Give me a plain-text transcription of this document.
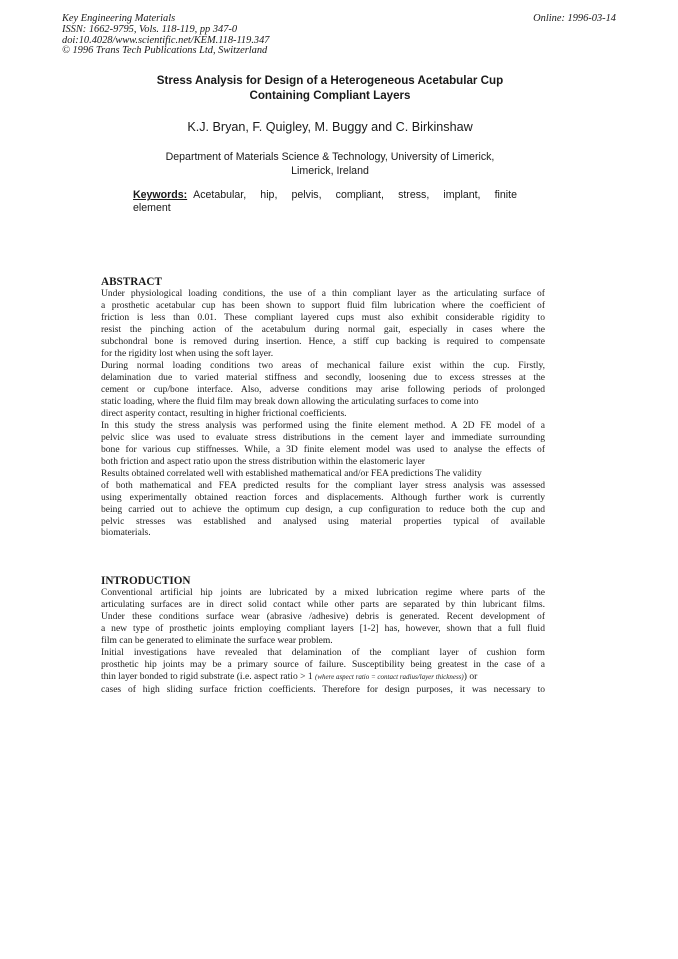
Key Engineering Materials
ISSN: 1662-9795, Vols. 118-119, pp 347-0
doi:10.4028/www.scientific.net/KEM.118-119.347
© 1996 Trans Tech Publications Ltd, Switzerland
Online: 1996-03-14
Stress Analysis for Design of a Heterogeneous Acetabular Cup
Containing Compliant Layers
K.J. Bryan, F. Quigley, M. Buggy and C. Birkinshaw
Department of Materials Science & Technology, University of Limerick,
Limerick, Ireland
Keywords: Acetabular, hip, pelvis, compliant, stress, implant, finite
element
ABSTRACT
Under physiological loading conditions, the use of a thin compliant layer as the articulating surface of
a prosthetic acetabular cup has been shown to support fluid film lubrication where the coefficient of
friction is less than 0.01. These compliant layered cups must also exhibit considerable rigidity to
resist the pinching action of the acetabulum during normal gait, especially in cases where the
subchondral bone is removed during insertion. Hence, a stiff cup backing is required to compensate
for the rigidity lost when using the soft layer.
During normal loading conditions two areas of mechanical failure exist within the cup. Firstly,
delamination due to varied material stiffness and secondly, loosening due to excess stresses at the
cement or cup/bone interface. Also, adverse conditions may arise following periods of prolonged
static loading, where the fluid film may break down allowing the articulating surfaces to come into
direct asperity contact, resulting in higher frictional coefficients.
In this study the stress analysis was performed using the finite element method. A 2D FE model of a
pelvic slice was used to evaluate stress distributions in the cement layer and immediate surrounding
bone for various cup stiffnesses. While, a 3D finite element model was used to analyse the effects of
both friction and aspect ratio upon the stress distribution within the elastomeric layer
Results obtained correlated well with established mathematical and/or FEA predictions The validity
of both mathematical and FEA predicted results for the compliant layer stress analysis was assessed
using experimentally obtained reaction forces and displacements. Although further work is currently
being carried out to achieve the optimum cup design, a cup configuration to reduce both the cup and
pelvic stresses was established and analysed using material properties typical of available
biomaterials.
INTRODUCTION
Conventional artificial hip joints are lubricated by a mixed lubrication regime where parts of the
articulating surfaces are in direct solid contact while other parts are separated by thin lubricant films.
Under these conditions surface wear (abrasive /adhesive) debris is generated. Recent development of
a new type of prosthetic joints employing compliant layers [1-2] has, however, shown that a full fluid
film can be generated to eliminate the surface wear problem.
Initial investigations have revealed that delamination of the compliant layer of cushion form
prosthetic hip joints may be a primary source of failure. Susceptibility being greatest in the case of a
thin layer bonded to rigid substrate (i.e. aspect ratio > 1 (where aspect ratio = contact radius/layer thickness)) or
cases of high sliding surface friction coefficients. Therefore for design purposes, it was necessary to
